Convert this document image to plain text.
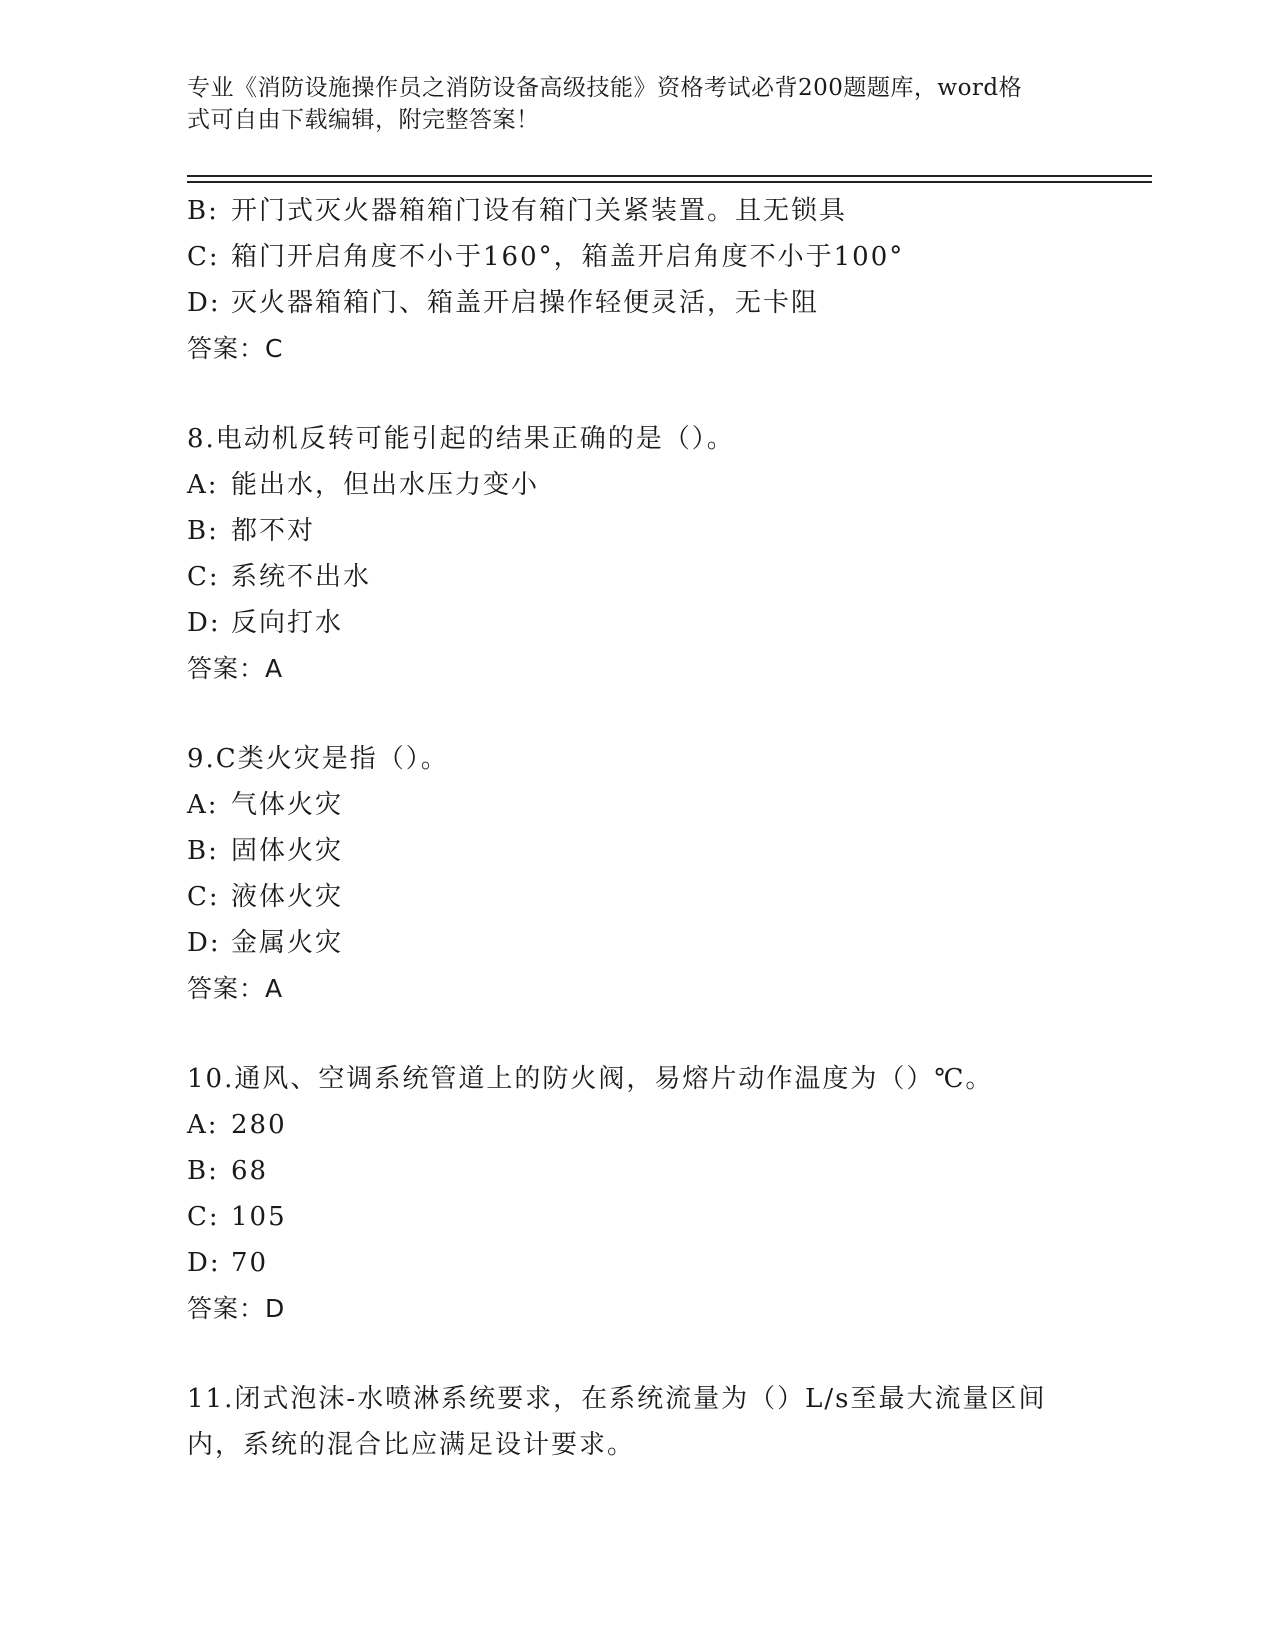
专业《消防设施操作员之消防设备高级技能》资格考试必背200题题库，word格
式可自由下载编辑，附完整答案！
B: 开门式灭火器箱箱门设有箱门关紧装置。且无锁具
C: 箱门开启角度不小于160°，箱盖开启角度不小于100°
D: 灭火器箱箱门、箱盖开启操作轻便灵活，无卡阻
答案：C
8.电动机反转可能引起的结果正确的是（）。
A: 能出水，但出水压力变小
B: 都不对
C: 系统不出水
D: 反向打水
答案：A
9.C类火灾是指（）。
A: 气体火灾
B: 固体火灾
C: 液体火灾
D: 金属火灾
答案：A
10.通风、空调系统管道上的防火阀，易熔片动作温度为（）℃。
A: 280
B: 68
C: 105
D: 70
答案：D
11.闭式泡沫-水喷淋系统要求，在系统流量为（）L/s至最大流量区间
内，系统的混合比应满足设计要求。
